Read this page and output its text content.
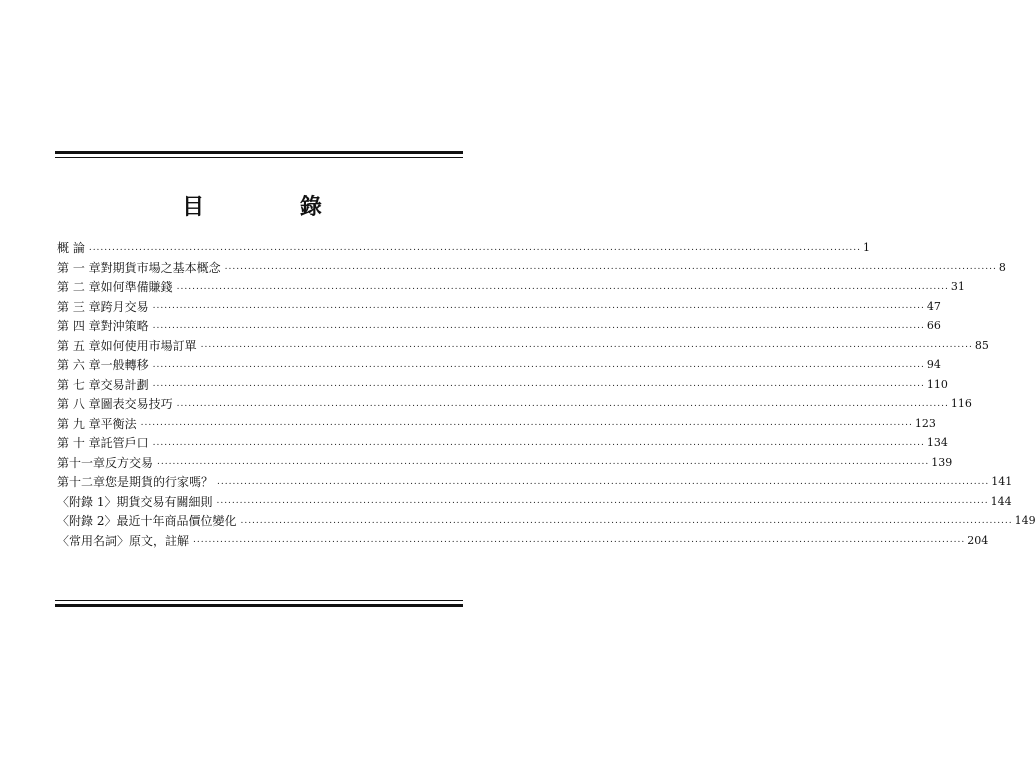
目 錄
概 論 ........................................................................................................................................................................................................ 1
第 一 章 對期貨市場之基本概念 ........................................................................................................................................................................................................ 8
第 二 章 如何準備賺錢 ........................................................................................................................................................................................................ 31
第 三 章 跨月交易 ........................................................................................................................................................................................................ 47
第 四 章 對沖策略 ........................................................................................................................................................................................................ 66
第 五 章 如何使用市場訂單 ........................................................................................................................................................................................................ 85
第 六 章 一般轉移 ........................................................................................................................................................................................................ 94
第 七 章 交易計劃 ........................................................................................................................................................................................................ 110
第 八 章 圖表交易技巧 ........................................................................................................................................................................................................ 116
第 九 章 平衡法 ........................................................................................................................................................................................................ 123
第 十 章 託管戶口 ........................................................................................................................................................................................................ 134
第十一章 反方交易 ........................................................................................................................................................................................................ 139
第十二章 您是期貨的行家嗎？ ........................................................................................................................................................................................................ 141
〈附錄 1〉 期貨交易有關細則 ........................................................................................................................................................................................................ 144
〈附錄 2〉 最近十年商品價位變化 ........................................................................................................................................................................................................ 149
〈常用名詞〉 原文，註解 ........................................................................................................................................................................................................ 204
